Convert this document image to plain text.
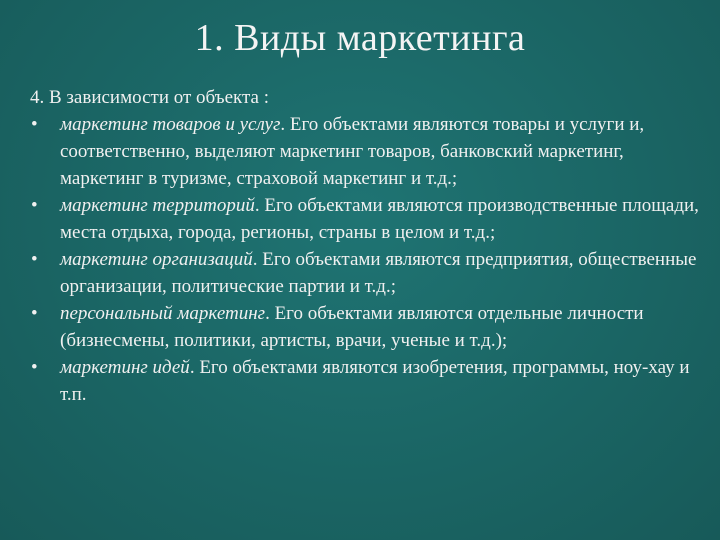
1. Виды маркетинга

4. В зависимости от объекта :

• маркетинг товаров и услуг. Его объектами являются товары и услуги и, соответственно, выделяют маркетинг товаров, банковский маркетинг, маркетинг в туризме, страховой маркетинг и т.д.;
• маркетинг территорий. Его объектами являются производственные площади, места отдыха, города, регионы, страны в целом и т.д.;
• маркетинг организаций. Его объектами являются предприятия, общественные организации, политические партии и т.д.;
• персональный маркетинг. Его объектами являются отдельные личности (бизнесмены, политики, артисты, врачи, ученые и т.д.);
• маркетинг идей. Его объектами являются изобретения, программы, ноу-хау и т.п.
